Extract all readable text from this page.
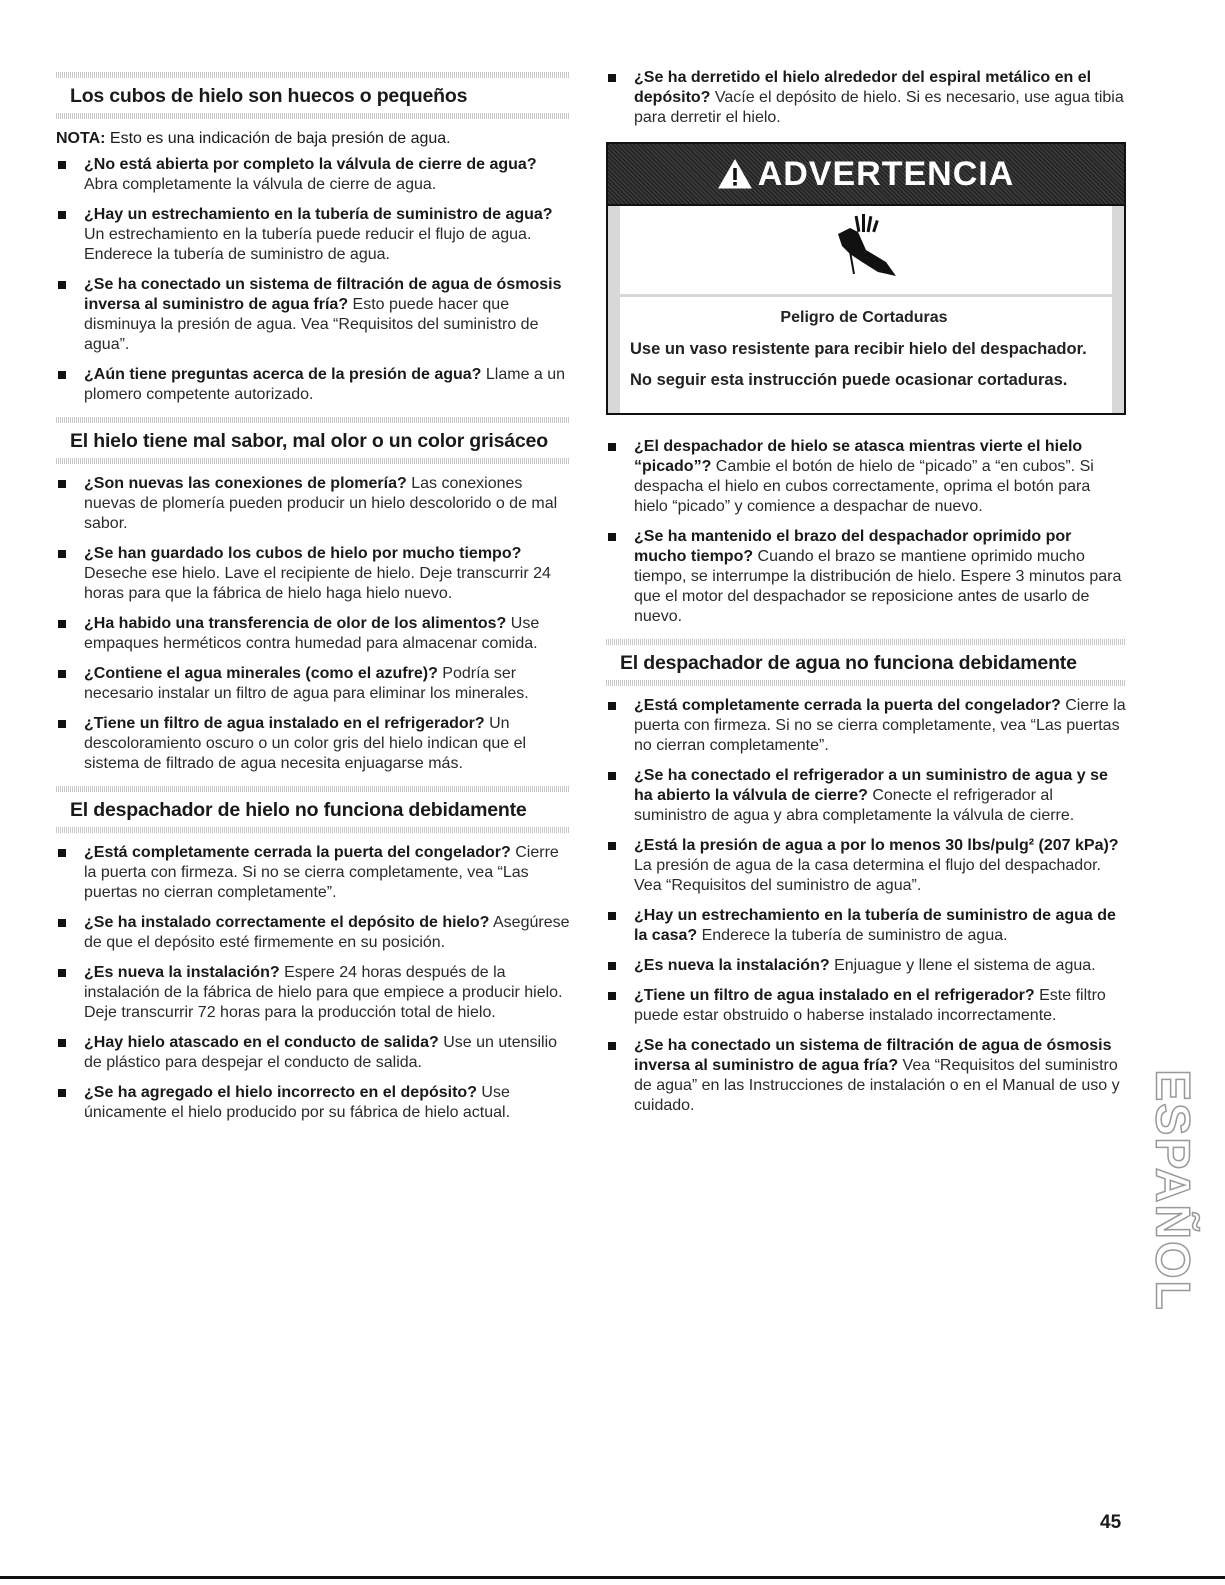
Los cubos de hielo son huecos o pequeños

NOTA: Esto es una indicación de baja presión de agua.

¿No está abierta por completo la válvula de cierre de agua? Abra completamente la válvula de cierre de agua.
¿Hay un estrechamiento en la tubería de suministro de agua? Un estrechamiento en la tubería puede reducir el flujo de agua. Enderece la tubería de suministro de agua.
¿Se ha conectado un sistema de filtración de agua de ósmosis inversa al suministro de agua fría? Esto puede hacer que disminuya la presión de agua. Vea “Requisitos del suministro de agua”.
¿Aún tiene preguntas acerca de la presión de agua? Llame a un plomero competente autorizado.
El hielo tiene mal sabor, mal olor o un color grisáceo
¿Son nuevas las conexiones de plomería? Las conexiones nuevas de plomería pueden producir un hielo descolorido o de mal sabor.
¿Se han guardado los cubos de hielo por mucho tiempo? Deseche ese hielo. Lave el recipiente de hielo. Deje transcurrir 24 horas para que la fábrica de hielo haga hielo nuevo.
¿Ha habido una transferencia de olor de los alimentos? Use empaques herméticos contra humedad para almacenar comida.
¿Contiene el agua minerales (como el azufre)? Podría ser necesario instalar un filtro de agua para eliminar los minerales.
¿Tiene un filtro de agua instalado en el refrigerador? Un descoloramiento oscuro o un color gris del hielo indican que el sistema de filtrado de agua necesita enjuagarse más.
El despachador de hielo no funciona debidamente
¿Está completamente cerrada la puerta del congelador? Cierre la puerta con firmeza. Si no se cierra completamente, vea “Las puertas no cierran completamente”.
¿Se ha instalado correctamente el depósito de hielo? Asegúrese de que el depósito esté firmemente en su posición.
¿Es nueva la instalación? Espere 24 horas después de la instalación de la fábrica de hielo para que empiece a producir hielo. Deje transcurrir 72 horas para la producción total de hielo.
¿Hay hielo atascado en el conducto de salida? Use un utensilio de plástico para despejar el conducto de salida.
¿Se ha agregado el hielo incorrecto en el depósito? Use únicamente el hielo producido por su fábrica de hielo actual.
¿Se ha derretido el hielo alrededor del espiral metálico en el depósito? Vacíe el depósito de hielo. Si es necesario, use agua tibia para derretir el hielo.
ADVERTENCIA
Peligro de Cortaduras

Use un vaso resistente para recibir hielo del despachador.

No seguir esta instrucción puede ocasionar cortaduras.

¿El despachador de hielo se atasca mientras vierte el hielo “picado”? Cambie el botón de hielo de “picado” a “en cubos”. Si despacha el hielo en cubos correctamente, oprima el botón para hielo “picado” y comience a despachar de nuevo.
¿Se ha mantenido el brazo del despachador oprimido por mucho tiempo? Cuando el brazo se mantiene oprimido mucho tiempo, se interrumpe la distribución de hielo. Espere 3 minutos para que el motor del despachador se reposicione antes de usarlo de nuevo.
El despachador de agua no funciona debidamente
¿Está completamente cerrada la puerta del congelador? Cierre la puerta con firmeza. Si no se cierra completamente, vea “Las puertas no cierran completamente”.
¿Se ha conectado el refrigerador a un suministro de agua y se ha abierto la válvula de cierre? Conecte el refrigerador al suministro de agua y abra completamente la válvula de cierre.
¿Está la presión de agua a por lo menos 30 lbs/pulg² (207 kPa)? La presión de agua de la casa determina el flujo del despachador. Vea “Requisitos del suministro de agua”.
¿Hay un estrechamiento en la tubería de suministro de agua de la casa? Enderece la tubería de suministro de agua.
¿Es nueva la instalación? Enjuague y llene el sistema de agua.
¿Tiene un filtro de agua instalado en el refrigerador? Este filtro puede estar obstruido o haberse instalado incorrectamente.
¿Se ha conectado un sistema de filtración de agua de ósmosis inversa al suministro de agua fría? Vea “Requisitos del suministro de agua” en las Instrucciones de instalación o en el Manual de uso y cuidado.	ESPAÑOL
45
